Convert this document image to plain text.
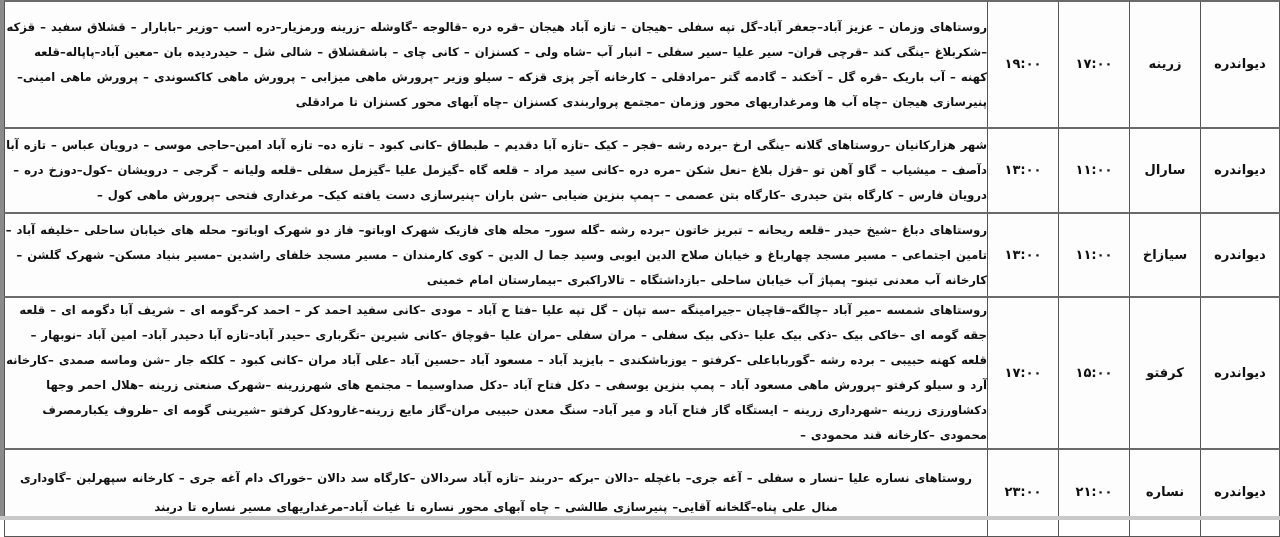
دیواندره	زرینه	۱۷:۰۰	۱۹:۰۰	روستاهای وزمان – عزیز آباد–جعفر آباد–گل تپه سفلی –هیجان – تازه آباد هیجان –قره دره –قالوجه –گاوشله –زرینه ورمزیار–دره اسب –وزیر –بابارار – قشلاق سفید – قزکه –شکربلاغ –ینگی کند –قرچی قران– سیر علیا –سیر سفلی – انبار آب –شاه ولی – کسنزان – کانی چای – باشقشلاق – شالی شل – حیدردیده بان –معین آباد–پاپاله–قلعه کهنه – آب باریک –قره گل – آخکند – گادمه گتر –مرادقلی – کارخانه آجر پزی قزکه – سیلو وزیر –پرورش ماهی میزابی – پرورش ماهی کاکسوندی – پرورش ماهی امینی– پنیرسازی هیجان –چاه آب ها ومرغداریهای محور وزمان –مجتمع پرواربندی کسنزان –چاه آبهای محور کسنزان تا مرادقلی
دیواندره	سارال	۱۱:۰۰	۱۳:۰۰	شهر هزارکانیان –روستاهای گلانه –ینگی ارخ –برده رشه –فجر – کیک –تازه آبا دقدیم – طبطاق –کانی کبود – تازه ده– تازه آباد امین–حاجی موسی – درویان عباس – تازه آبا دآصف – میشیاب – گاو آهن تو –قزل بلاغ –نعل شکن –مره دره –کانی سید مراد – قلعه گاه –گیزمل علیا –گیزمل سفلی –قلعه ولیانه – گرجی – درویشان –کول–دوزخ دره – درویان فارس – کارگاه بتن حیدری –کارگاه بتن عصمی – –پمپ بنزین ضیابی –شن باران –پنیرسازی دست یافته کیک– مرغداری فتحی –پرورش ماهی کول –
دیواندره	سیازاخ	۱۱:۰۰	۱۳:۰۰	روستاهای دباغ –شیخ حیدر –قلعه ریحانه – تبریز خاتون –برده رشه –گله سور– محله های فازیک شهرک اوباتو– فاز دو شهرک اوباتو– محله های خیابان ساحلی –خلیفه آباد –تامین اجتماعی – مسیر مسجد چهارباغ و خیابان صلاح الدین ایوبی وسید جما ل الدین – کوی کارمندان – مسیر مسجد خلفای راشدین –مسیر بنیاد مسکن– شهرک گلشن –کارخانه آب معدنی تینو– پمپاژ آب خیابان ساحلی –بازداشتگاه – تالاراکبری –بیمارستان امام خمینی
دیواندره	کرفتو	۱۵:۰۰	۱۷:۰۰	روستاهای شمسه –میر آباد –چالگه–قاچیان –جیرامینگه –سه تپان – گل تپه علیا –فتا ح آباد – مودی –کانی سفید احمد کر – احمد کر–گومه ای – شریف آبا دگومه ای – قلعه جقه گومه ای –خاکی بیک –ذکی بیک علیا –ذکی بیک سفلی – مران سفلی –مران علیا –قوچاق –کانی شیرین –تگرباری –حیدر آباد–تازه آبا دحیدر آباد– امین آباد –نوبهار – قلعه کهنه حبیبی – برده رشه –گورباباعلی –کرفتو – یوزباشکندی – بایزید آباد – مسعود آباد –حسین آباد –علی آباد مران –کانی کبود – کلکه جار –شن وماسه صمدی –کارخانه آرد و سیلو کرفتو –پرورش ماهی مسعود آباد – پمپ بنزین یوسفی – دکل فتاح آباد –دکل صداوسیما – مجتمع های شهرزرینه –شهرک صنعتی زرینه –هلال احمر وجها دکشاورزی زرینه –شهرداری زرینه – ایستگاه گاز فتاح آباد و میر آباد– سنگ معدن حبیبی مران–گاز مایع زرینه–غارودکل کرفتو –شیرینی گومه ای –ظروف یکبارمصرف محمودی –کارخانه قند محمودی –
دیواندره	نساره	۲۱:۰۰	۲۳:۰۰	روستاهای نساره علیا –نسار ه سفلی – آغه جری– باغچله –دالان –برکه –دربند –تازه آباد سردالان –کارگاه سد دالان –خوراک دام آغه جری – کارخانه سپهرلبن –گاوداری منال علی پناه–گلخانه آقایی– پنیرسازی طالشی – چاه آبهای محور نساره تا غیاث آباد–مرغداریهای مسیر نساره تا دربند
